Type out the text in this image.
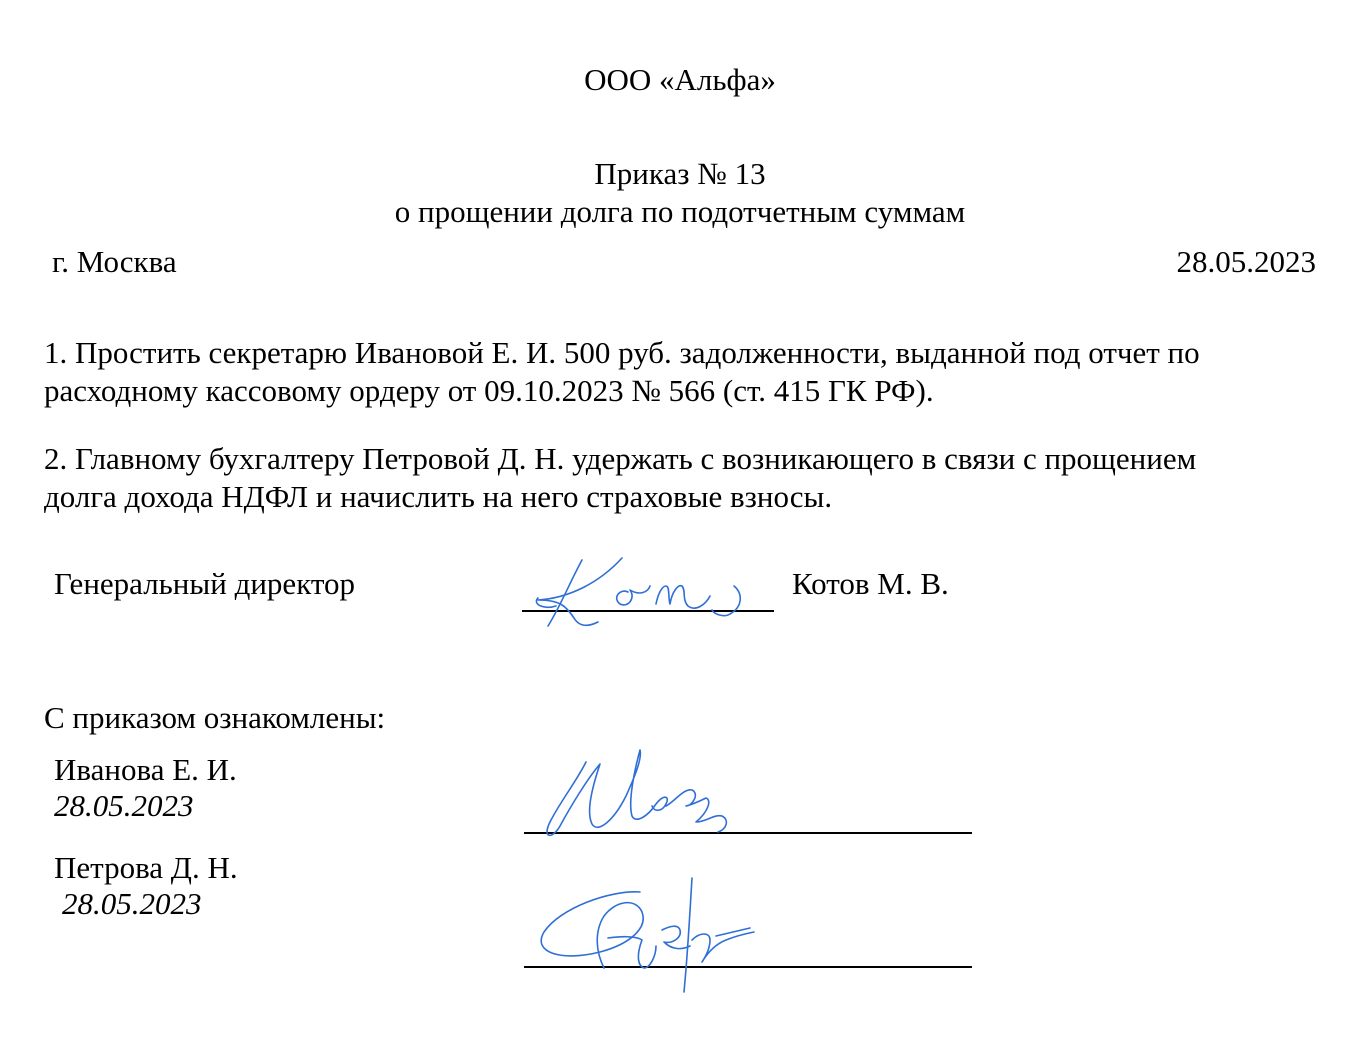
ООО «Альфа»
Приказ № 13
о прощении долга по подотчетным суммам
г. Москва	28.05.2023
1. Простить секретарю Ивановой Е. И. 500 руб. задолженности, выданной под отчет по
расходному кассовому ордеру от 09.10.2023 № 566 (ст. 415 ГК РФ).
2. Главному бухгалтеру Петровой Д. Н. удержать с возникающего в связи с прощением
долга дохода НДФЛ и начислить на него страховые взносы.
Генеральный директор	Котов М. В.
С приказом ознакомлены:
Иванова Е. И.
28.05.2023
Петрова Д. Н.
28.05.2023
